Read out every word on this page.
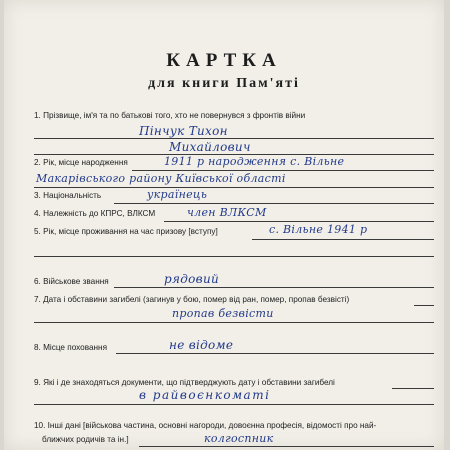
КАРТКА
для книги Пам'яті
1. Прізвище, ім'я та по батькові того, хто не повернувся з фронтів війни
Пінчук Тихон
Михайлович
2. Рік, місце народження	1911 р народження с. Вільне
Макарівського району Київської області
3. Національність	українець
4. Належність до КПРС, ВЛКСМ	член ВЛКСМ
5. Рік, місце проживання на час призову [вступу]	с. Вільне 1941 р
6. Військове звання	рядовий
7. Дата і обставини загибелі (загинув у бою, помер від ран, помер, пропав безвісті)
пропав безвісти
8. Місце поховання	не відоме
9. Які і де знаходяться документи, що підтверджують дату і обставини загибелі
в райвоєнкоматі
10. Інші дані [військова частина, основні нагороди, довоєнна професія, відомості про най-
ближчих родичів та ін.]	колгоспник
